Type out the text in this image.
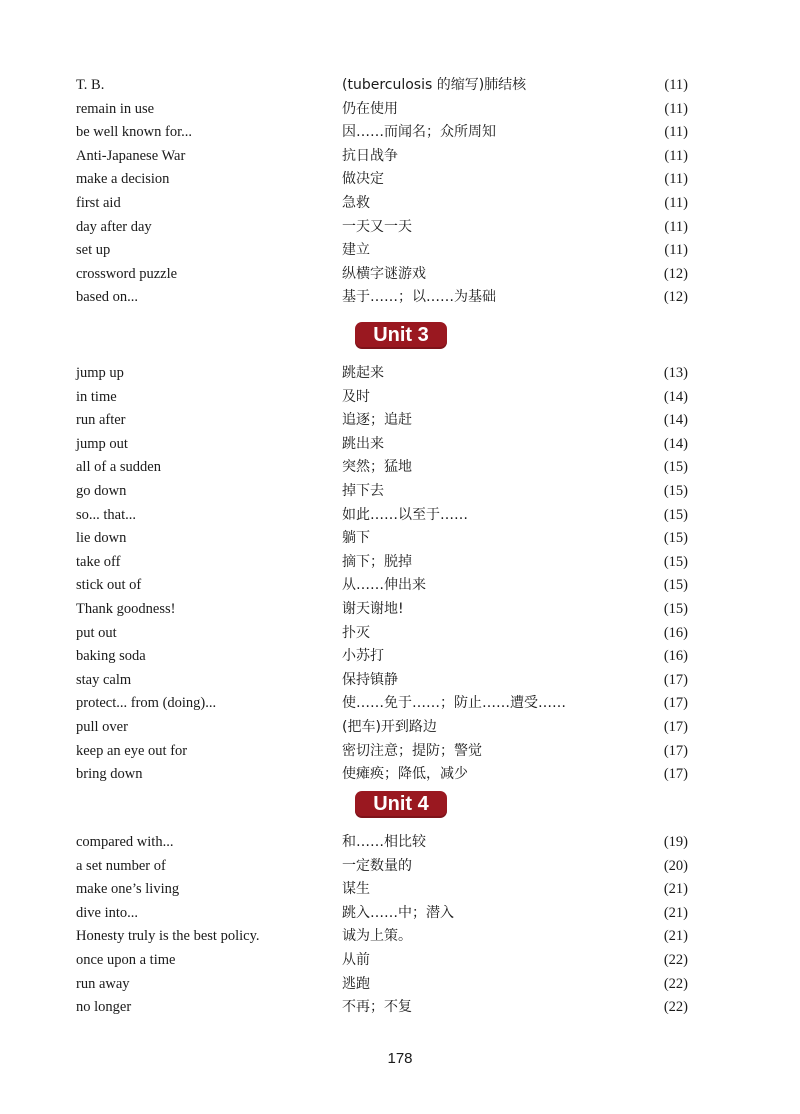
T. B.	(tuberculosis 的缩写)肺结核	(11)
remain in use	仍在使用	(11)
be well known for...	因……而闻名；众所周知	(11)
Anti-Japanese War	抗日战争	(11)
make a decision	做决定	(11)
first aid	急救	(11)
day after day	一天又一天	(11)
set up	建立	(11)
crossword puzzle	纵横字谜游戏	(12)
based on...	基于……；以……为基础	(12)
Unit 3
jump up	跳起来	(13)
in time	及时	(14)
run after	追逐；追赶	(14)
jump out	跳出来	(14)
all of a sudden	突然；猛地	(15)
go down	掉下去	(15)
so... that...	如此……以至于……	(15)
lie down	躺下	(15)
take off	摘下；脱掉	(15)
stick out of	从……伸出来	(15)
Thank goodness!	谢天谢地!	(15)
put out	扑灭	(16)
baking soda	小苏打	(16)
stay calm	保持镇静	(17)
protect... from (doing)...	使……免于……；防止……遭受……	(17)
pull over	(把车)开到路边	(17)
keep an eye out for	密切注意；提防；警觉	(17)
bring down	使瘫痪；降低，减少	(17)
Unit 4
compared with...	和……相比较	(19)
a set number of	一定数量的	(20)
make one’s living	谋生	(21)
dive into...	跳入……中；潜入	(21)
Honesty truly is the best policy.	诚为上策。	(21)
once upon a time	从前	(22)
run away	逃跑	(22)
no longer	不再；不复	(22)
178
